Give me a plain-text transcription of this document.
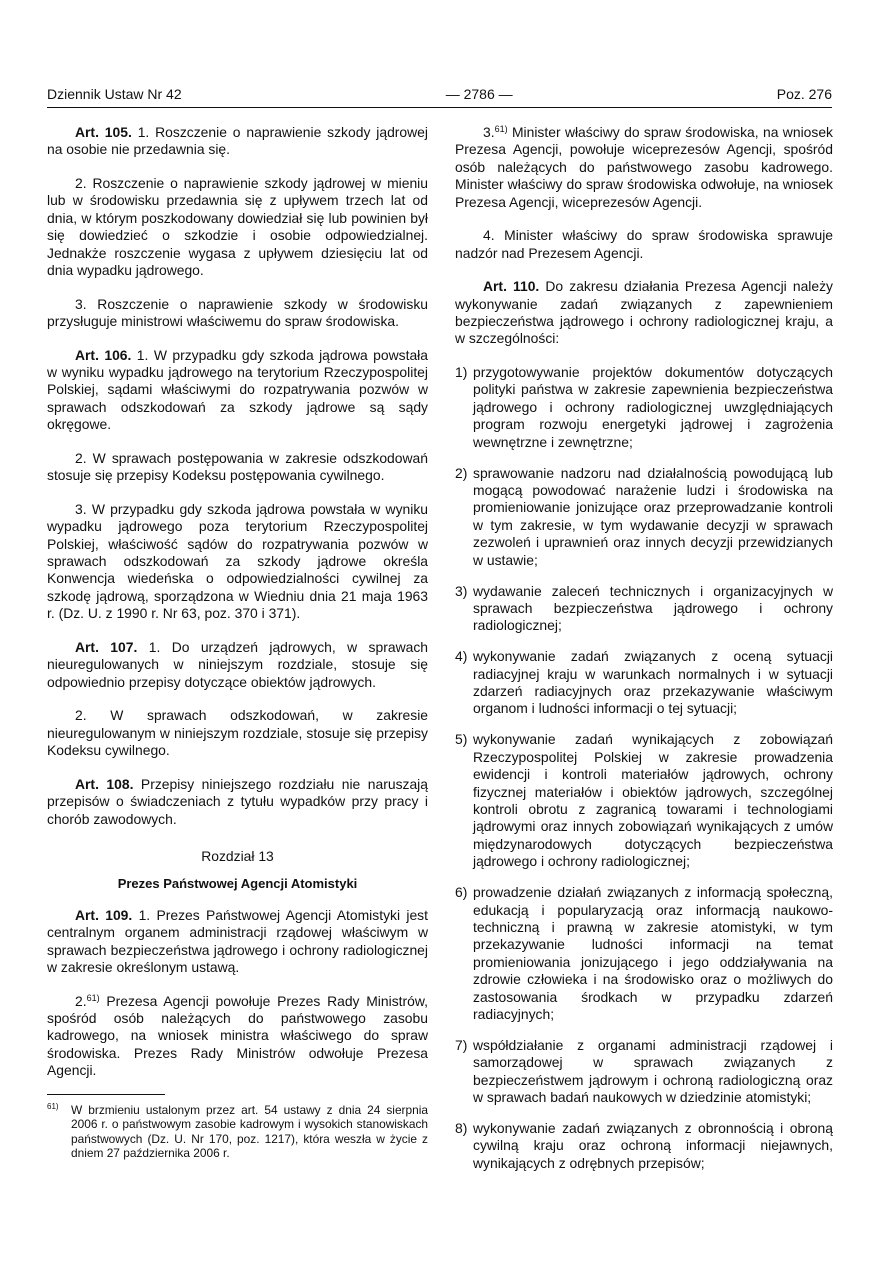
Dziennik Ustaw Nr 42	— 2786 —	Poz. 276

Art. 105. 1. Roszczenie o naprawienie szkody jądrowej na osobie nie przedawnia się.

2. Roszczenie o naprawienie szkody jądrowej w mieniu lub w środowisku przedawnia się z upływem trzech lat od dnia, w którym poszkodowany dowiedział się lub powinien był się dowiedzieć o szkodzie i osobie odpowiedzialnej. Jednakże roszczenie wygasa z upływem dziesięciu lat od dnia wypadku jądrowego.

3. Roszczenie o naprawienie szkody w środowisku przysługuje ministrowi właściwemu do spraw środowiska.

Art. 106. 1. W przypadku gdy szkoda jądrowa powstała w wyniku wypadku jądrowego na terytorium Rzeczypospolitej Polskiej, sądami właściwymi do rozpatrywania pozwów w sprawach odszkodowań za szkody jądrowe są sądy okręgowe.

2. W sprawach postępowania w zakresie odszkodowań stosuje się przepisy Kodeksu postępowania cywilnego.

3. W przypadku gdy szkoda jądrowa powstała w wyniku wypadku jądrowego poza terytorium Rzeczypospolitej Polskiej, właściwość sądów do rozpatrywania pozwów w sprawach odszkodowań za szkody jądrowe określa Konwencja wiedeńska o odpowiedzialności cywilnej za szkodę jądrową, sporządzona w Wiedniu dnia 21 maja 1963 r. (Dz. U. z 1990 r. Nr 63, poz. 370 i 371).

Art. 107. 1. Do urządzeń jądrowych, w sprawach nieuregulowanych w niniejszym rozdziale, stosuje się odpowiednio przepisy dotyczące obiektów jądrowych.

2. W sprawach odszkodowań, w zakresie nieuregulowanym w niniejszym rozdziale, stosuje się przepisy Kodeksu cywilnego.

Art. 108. Przepisy niniejszego rozdziału nie naruszają przepisów o świadczeniach z tytułu wypadków przy pracy i chorób zawodowych.

Rozdział 13
Prezes Państwowej Agencji Atomistyki

Art. 109. 1. Prezes Państwowej Agencji Atomistyki jest centralnym organem administracji rządowej właściwym w sprawach bezpieczeństwa jądrowego i ochrony radiologicznej w zakresie określonym ustawą.

2.$^{61)}$ Prezesa Agencji powołuje Prezes Rady Ministrów, spośród osób należących do państwowego zasobu kadrowego, na wniosek ministra właściwego do spraw środowiska. Prezes Rady Ministrów odwołuje Prezesa Agencji.

$^{61)}$ W brzmieniu ustalonym przez art. 54 ustawy z dnia 24 sierpnia 2006 r. o państwowym zasobie kadrowym i wysokich stanowiskach państwowych (Dz. U. Nr 170, poz. 1217), która weszła w życie z dniem 27 października 2006 r.

3.$^{61)}$ Minister właściwy do spraw środowiska, na wniosek Prezesa Agencji, powołuje wiceprezesów Agencji, spośród osób należących do państwowego zasobu kadrowego. Minister właściwy do spraw środowiska odwołuje, na wniosek Prezesa Agencji, wiceprezesów Agencji.

4. Minister właściwy do spraw środowiska sprawuje nadzór nad Prezesem Agencji.

Art. 110. Do zakresu działania Prezesa Agencji należy wykonywanie zadań związanych z zapewnieniem bezpieczeństwa jądrowego i ochrony radiologicznej kraju, a w szczególności:

1) przygotowywanie projektów dokumentów dotyczących polityki państwa w zakresie zapewnienia bezpieczeństwa jądrowego i ochrony radiologicznej uwzględniających program rozwoju energetyki jądrowej i zagrożenia wewnętrzne i zewnętrzne;
2) sprawowanie nadzoru nad działalnością powodującą lub mogącą powodować narażenie ludzi i środowiska na promieniowanie jonizujące oraz przeprowadzanie kontroli w tym zakresie, w tym wydawanie decyzji w sprawach zezwoleń i uprawnień oraz innych decyzji przewidzianych w ustawie;
3) wydawanie zaleceń technicznych i organizacyjnych w sprawach bezpieczeństwa jądrowego i ochrony radiologicznej;
4) wykonywanie zadań związanych z oceną sytuacji radiacyjnej kraju w warunkach normalnych i w sytuacji zdarzeń radiacyjnych oraz przekazywanie właściwym organom i ludności informacji o tej sytuacji;
5) wykonywanie zadań wynikających z zobowiązań Rzeczypospolitej Polskiej w zakresie prowadzenia ewidencji i kontroli materiałów jądrowych, ochrony fizycznej materiałów i obiektów jądrowych, szczególnej kontroli obrotu z zagranicą towarami i technologiami jądrowymi oraz innych zobowiązań wynikających z umów międzynarodowych dotyczących bezpieczeństwa jądrowego i ochrony radiologicznej;
6) prowadzenie działań związanych z informacją społeczną, edukacją i popularyzacją oraz informacją naukowo-techniczną i prawną w zakresie atomistyki, w tym przekazywanie ludności informacji na temat promieniowania jonizującego i jego oddziaływania na zdrowie człowieka i na środowisko oraz o możliwych do zastosowania środkach w przypadku zdarzeń radiacyjnych;
7) współdziałanie z organami administracji rządowej i samorządowej w sprawach związanych z bezpieczeństwem jądrowym i ochroną radiologiczną oraz w sprawach badań naukowych w dziedzinie atomistyki;
8) wykonywanie zadań związanych z obronnością i obroną cywilną kraju oraz ochroną informacji niejawnych, wynikających z odrębnych przepisów;
